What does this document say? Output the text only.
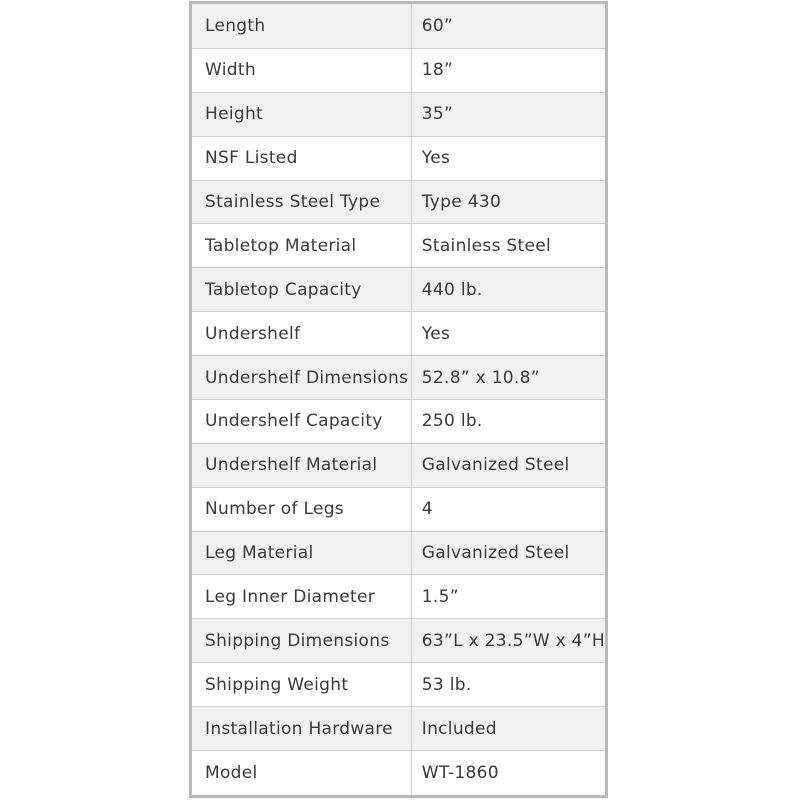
Length	60”
Width	18”
Height	35”
NSF Listed	Yes
Stainless Steel Type	Type 430
Tabletop Material	Stainless Steel
Tabletop Capacity	440 lb.
Undershelf	Yes
Undershelf Dimensions	52.8” x 10.8”
Undershelf Capacity	250 lb.
Undershelf Material	Galvanized Steel
Number of Legs	4
Leg Material	Galvanized Steel
Leg Inner Diameter	1.5”
Shipping Dimensions	63”L x 23.5”W x 4”H
Shipping Weight	53 lb.
Installation Hardware	Included
Model	WT-1860
